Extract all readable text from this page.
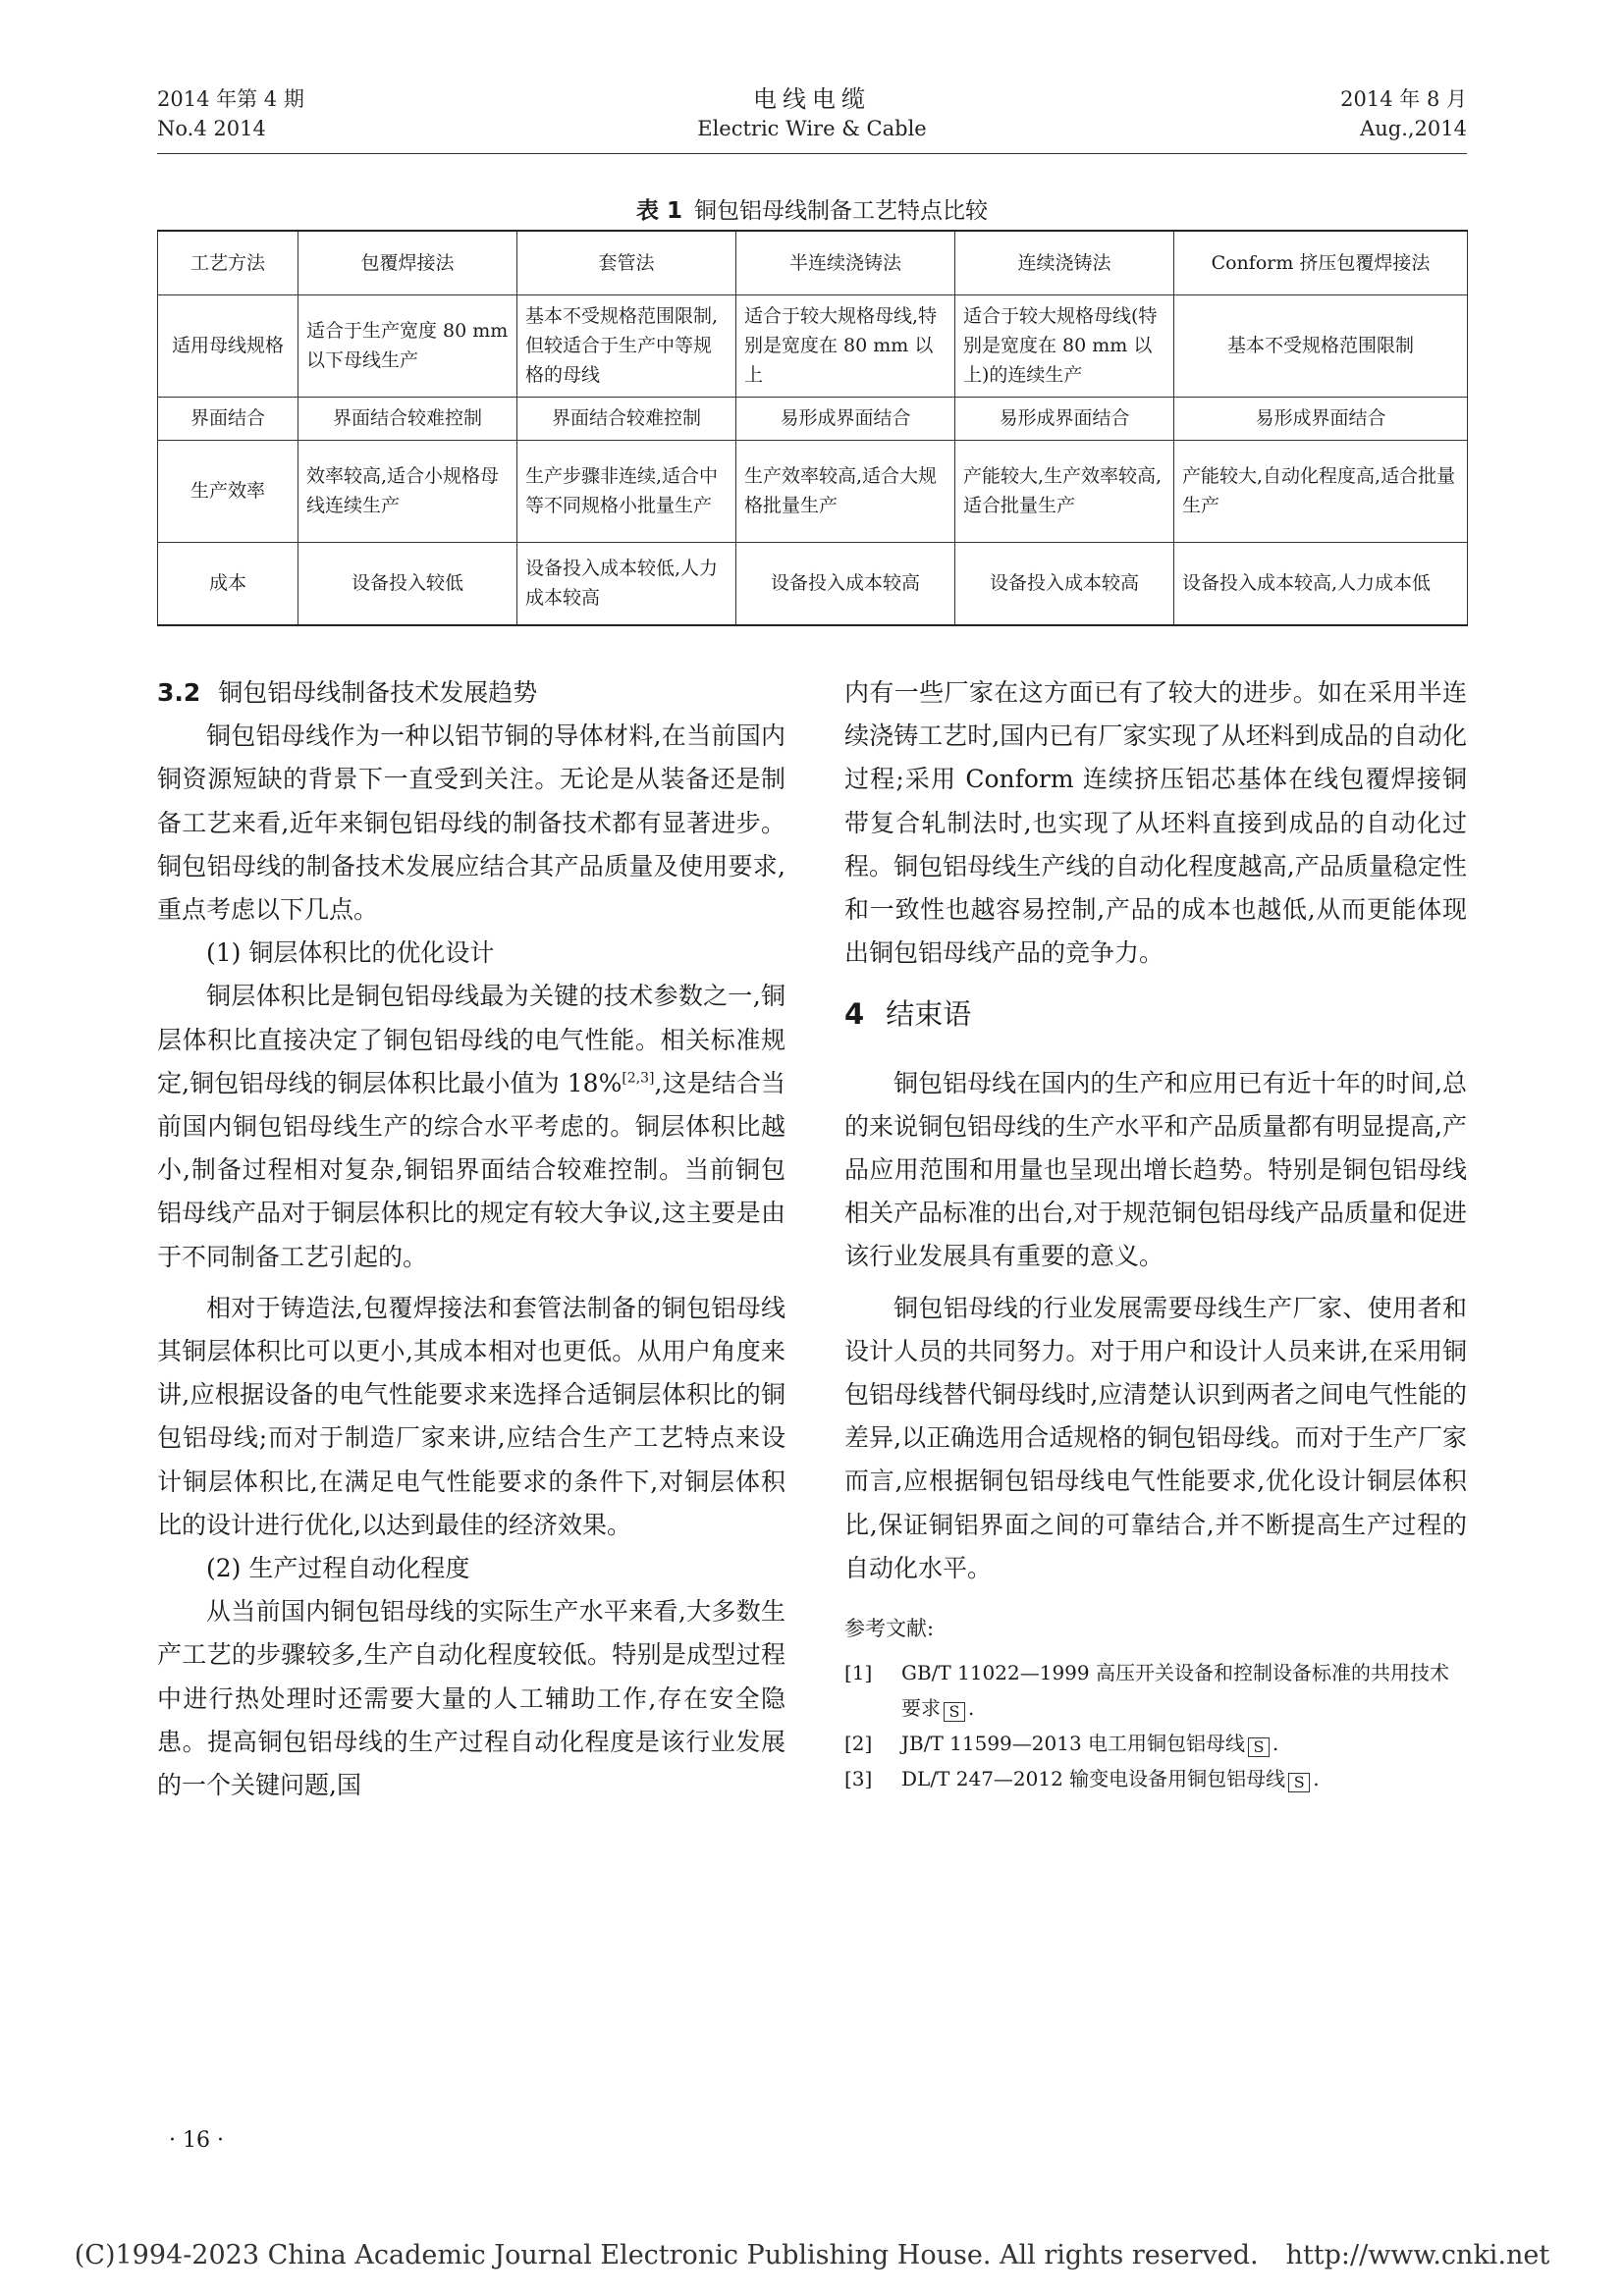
2014 年第 4 期
No.4 2014
电线电缆
Electric Wire & Cable
2014 年 8 月
Aug.,2014
表 1 铜包铝母线制备工艺特点比较
工艺方法	包覆焊接法	套管法	半连续浇铸法	连续浇铸法	Conform 挤压包覆焊接法
适用母线规格	适合于生产宽度 80 mm 以下母线生产	基本不受规格范围限制,但较适合于生产中等规格的母线	适合于较大规格母线,特别是宽度在 80 mm 以上	适合于较大规格母线(特别是宽度在 80 mm 以上)的连续生产	基本不受规格范围限制
界面结合	界面结合较难控制	界面结合较难控制	易形成界面结合	易形成界面结合	易形成界面结合
生产效率	效率较高,适合小规格母线连续生产	生产步骤非连续,适合中等不同规格小批量生产	生产效率较高,适合大规格批量生产	产能较大,生产效率较高,适合批量生产	产能较大,自动化程度高,适合批量生产
成本	设备投入较低	设备投入成本较低,人力成本较高	设备投入成本较高	设备投入成本较高	设备投入成本较高,人力成本低

3.2 铜包铝母线制备技术发展趋势

铜包铝母线作为一种以铝节铜的导体材料,在当前国内铜资源短缺的背景下一直受到关注。无论是从装备还是制备工艺来看,近年来铜包铝母线的制备技术都有显著进步。铜包铝母线的制备技术发展应结合其产品质量及使用要求,重点考虑以下几点。

(1) 铜层体积比的优化设计

铜层体积比是铜包铝母线最为关键的技术参数之一,铜层体积比直接决定了铜包铝母线的电气性能。相关标准规定,铜包铝母线的铜层体积比最小值为 18%[2,3],这是结合当前国内铜包铝母线生产的综合水平考虑的。铜层体积比越小,制备过程相对复杂,铜铝界面结合较难控制。当前铜包铝母线产品对于铜层体积比的规定有较大争议,这主要是由于不同制备工艺引起的。

相对于铸造法,包覆焊接法和套管法制备的铜包铝母线其铜层体积比可以更小,其成本相对也更低。从用户角度来讲,应根据设备的电气性能要求来选择合适铜层体积比的铜包铝母线;而对于制造厂家来讲,应结合生产工艺特点来设计铜层体积比,在满足电气性能要求的条件下,对铜层体积比的设计进行优化,以达到最佳的经济效果。

(2) 生产过程自动化程度

从当前国内铜包铝母线的实际生产水平来看,大多数生产工艺的步骤较多,生产自动化程度较低。特别是成型过程中进行热处理时还需要大量的人工辅助工作,存在安全隐患。提高铜包铝母线的生产过程自动化程度是该行业发展的一个关键问题,国

内有一些厂家在这方面已有了较大的进步。如在采用半连续浇铸工艺时,国内已有厂家实现了从坯料到成品的自动化过程;采用 Conform 连续挤压铝芯基体在线包覆焊接铜带复合轧制法时,也实现了从坯料直接到成品的自动化过程。铜包铝母线生产线的自动化程度越高,产品质量稳定性和一致性也越容易控制,产品的成本也越低,从而更能体现出铜包铝母线产品的竞争力。

4 结束语

铜包铝母线在国内的生产和应用已有近十年的时间,总的来说铜包铝母线的生产水平和产品质量都有明显提高,产品应用范围和用量也呈现出增长趋势。特别是铜包铝母线相关产品标准的出台,对于规范铜包铝母线产品质量和促进该行业发展具有重要的意义。

铜包铝母线的行业发展需要母线生产厂家、使用者和设计人员的共同努力。对于用户和设计人员来讲,在采用铜包铝母线替代铜母线时,应清楚认识到两者之间电气性能的差异,以正确选用合适规格的铜包铝母线。而对于生产厂家而言,应根据铜包铝母线电气性能要求,优化设计铜层体积比,保证铜铝界面之间的可靠结合,并不断提高生产过程的自动化水平。

参考文献:
[1]	GB/T 11022—1999 高压开关设备和控制设备标准的共用技术要求 S .
[2]	JB/T 11599—2013 电工用铜包铝母线 S .
[3]	DL/T 247—2012 输变电设备用铜包铝母线 S .
· 16 ·
(C)1994-2023 China Academic Journal Electronic Publishing House. All rights reserved. http://www.cnki.net
